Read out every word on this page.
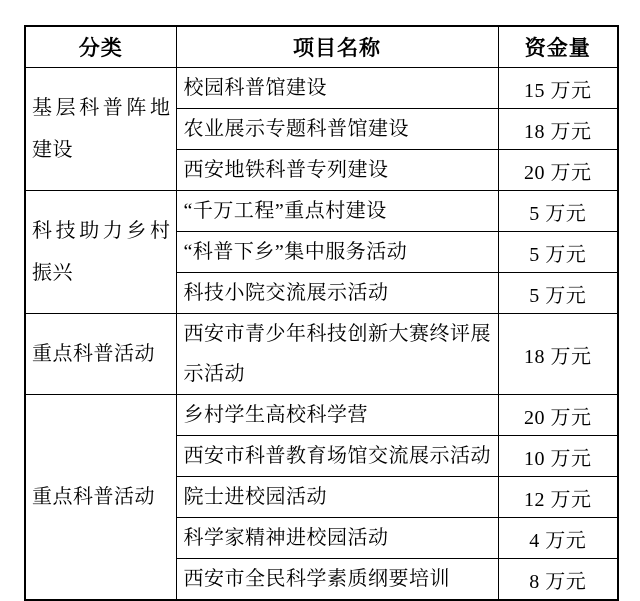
分类	项目名称	资金量
基层科普阵地建设	校园科普馆建设	15 万元
	农业展示专题科普馆建设	18 万元
	西安地铁科普专列建设	20 万元
科技助力乡村振兴	“千万工程”重点村建设	5 万元
	“科普下乡”集中服务活动	5 万元
	科技小院交流展示活动	5 万元
重点科普活动	西安市青少年科技创新大赛终评展示活动	18 万元
重点科普活动	乡村学生高校科学营	20 万元
	西安市科普教育场馆交流展示活动	10 万元
	院士进校园活动	12 万元
	科学家精神进校园活动	4 万元
	西安市全民科学素质纲要培训	8 万元
